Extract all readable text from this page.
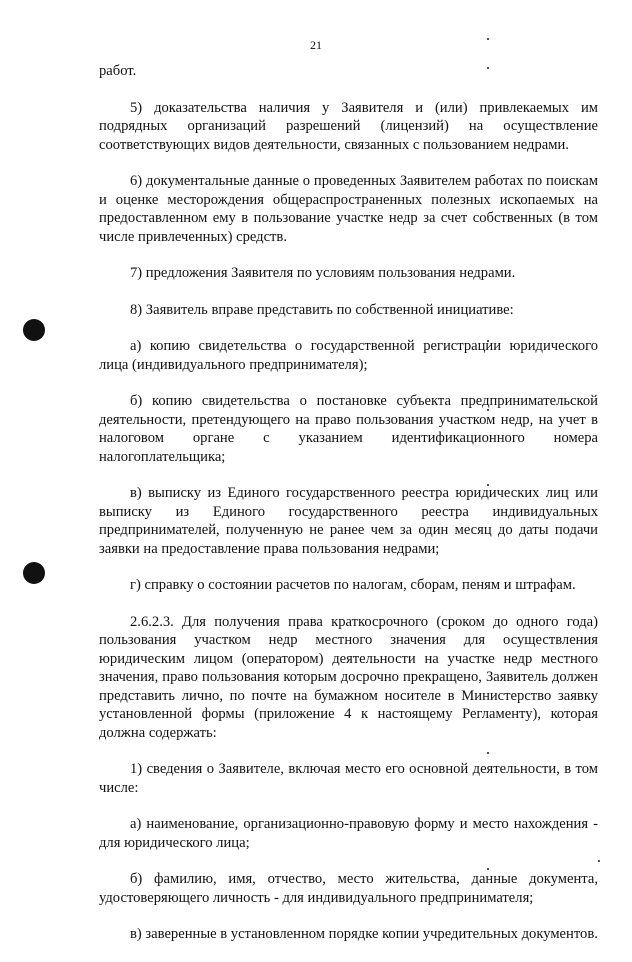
21

работ.

5) доказательства наличия у Заявителя и (или) привлекаемых им подрядных организаций разрешений (лицензий) на осуществление соответствующих видов деятельности, связанных с пользованием недрами.

6) документальные данные о проведенных Заявителем работах по поискам и оценке месторождения общераспространенных полезных ископаемых на предоставленном ему в пользование участке недр за счет собственных (в том числе привлеченных) средств.

7) предложения Заявителя по условиям пользования недрами.

8) Заявитель вправе представить по собственной инициативе:

а) копию свидетельства о государственной регистрации юридического лица (индивидуального предпринимателя);

б) копию свидетельства о постановке субъекта предпринимательской деятельности, претендующего на право пользования участком недр, на учет в налоговом органе с указанием идентификационного номера налогоплательщика;

в) выписку из Единого государственного реестра юридических лиц или выписку из Единого государственного реестра индивидуальных предпринимателей, полученную не ранее чем за один месяц до даты подачи заявки на предоставление права пользования недрами;

г) справку о состоянии расчетов по налогам, сборам, пеням и штрафам.

2.6.2.3. Для получения права краткосрочного (сроком до одного года) пользования участком недр местного значения для осуществления юридическим лицом (оператором) деятельности на участке недр местного значения, право пользования которым досрочно прекращено, Заявитель должен представить лично, по почте на бумажном носителе в Министерство заявку установленной формы (приложение 4 к настоящему Регламенту), которая должна содержать:

1) сведения о Заявителе, включая место его основной деятельности, в том числе:

а) наименование, организационно-правовую форму и место нахождения - для юридического лица;

б) фамилию, имя, отчество, место жительства, данные документа, удостоверяющего личность - для индивидуального предпринимателя;

в) заверенные в установленном порядке копии учредительных документов.
